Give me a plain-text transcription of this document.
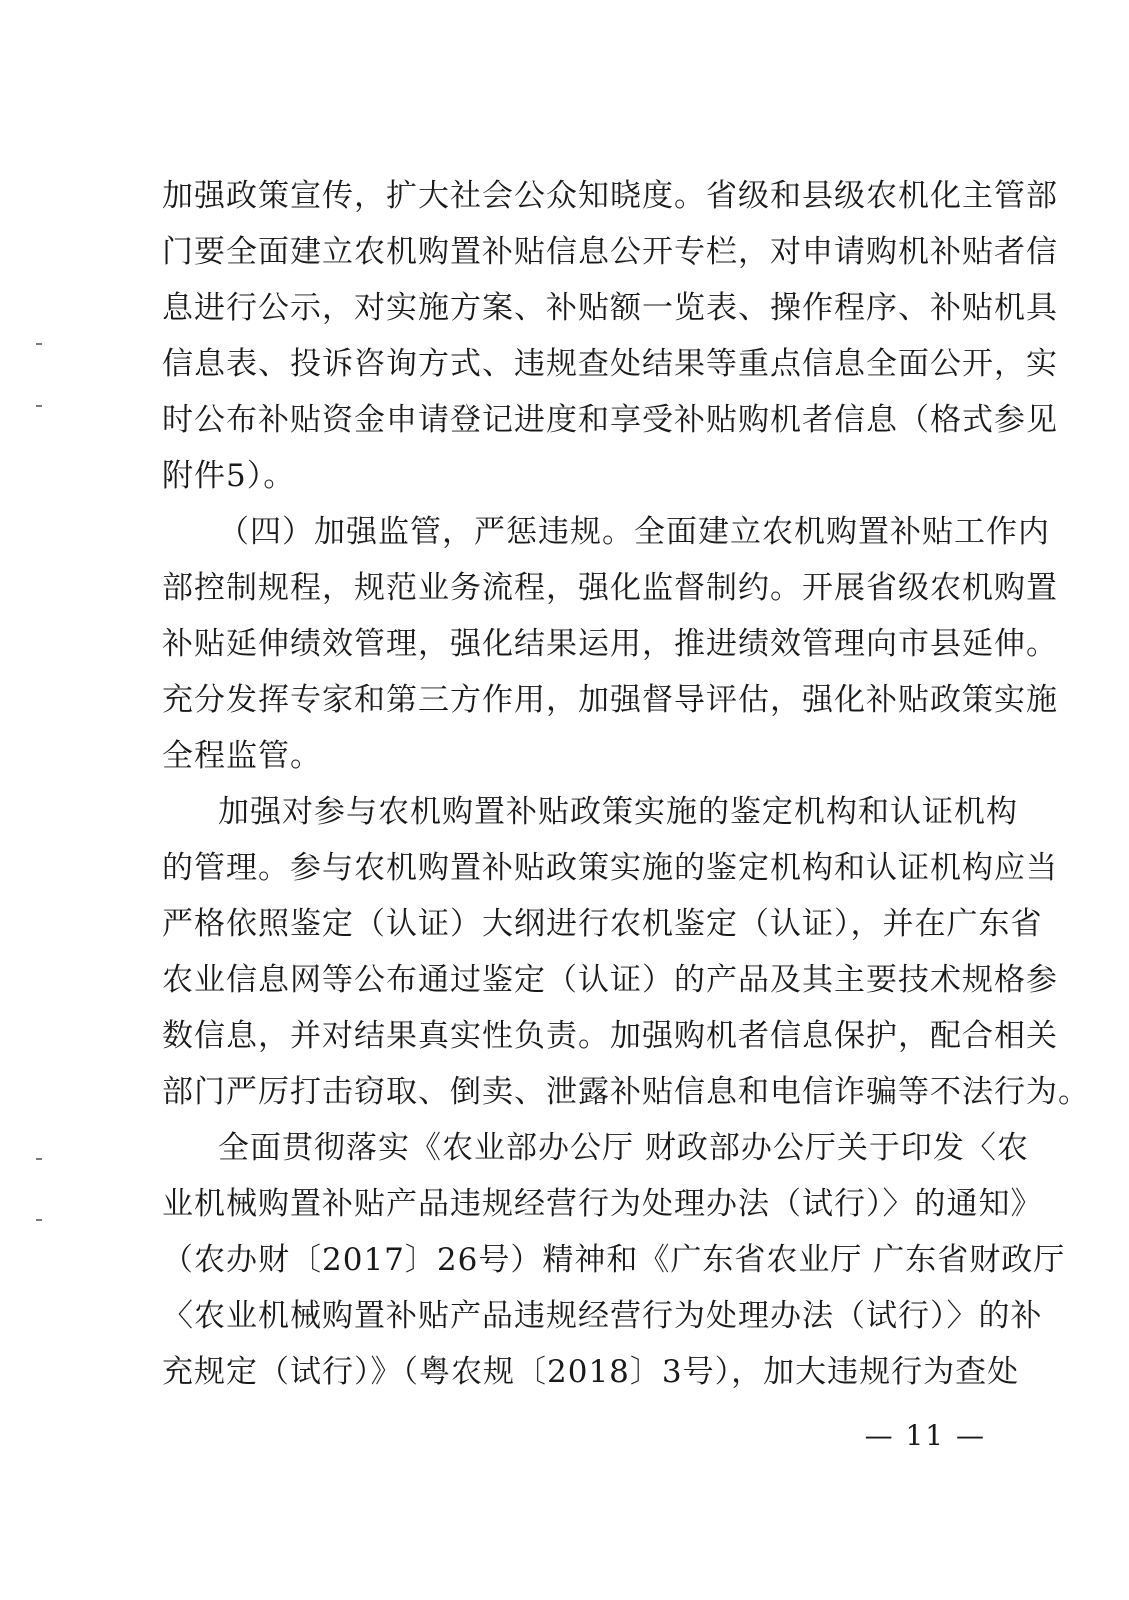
加强政策宣传，扩大社会公众知晓度。省级和县级农机化主管部
门要全面建立农机购置补贴信息公开专栏，对申请购机补贴者信
息进行公示，对实施方案、补贴额一览表、操作程序、补贴机具
信息表、投诉咨询方式、违规查处结果等重点信息全面公开，实
时公布补贴资金申请登记进度和享受补贴购机者信息（格式参见
附件5）。
（四）加强监管，严惩违规。全面建立农机购置补贴工作内
部控制规程，规范业务流程，强化监督制约。开展省级农机购置
补贴延伸绩效管理，强化结果运用，推进绩效管理向市县延伸。
充分发挥专家和第三方作用，加强督导评估，强化补贴政策实施
全程监管。
加强对参与农机购置补贴政策实施的鉴定机构和认证机构
的管理。参与农机购置补贴政策实施的鉴定机构和认证机构应当
严格依照鉴定（认证）大纲进行农机鉴定（认证），并在广东省
农业信息网等公布通过鉴定（认证）的产品及其主要技术规格参
数信息，并对结果真实性负责。加强购机者信息保护，配合相关
部门严厉打击窃取、倒卖、泄露补贴信息和电信诈骗等不法行为。
全面贯彻落实《农业部办公厅 财政部办公厅关于印发〈农
业机械购置补贴产品违规经营行为处理办法（试行）〉的通知》
（农办财〔2017〕26号）精神和《广东省农业厅 广东省财政厅
〈农业机械购置补贴产品违规经营行为处理办法（试行）〉的补
充规定（试行）》（粤农规〔2018〕3号），加大违规行为查处
— 11 —
